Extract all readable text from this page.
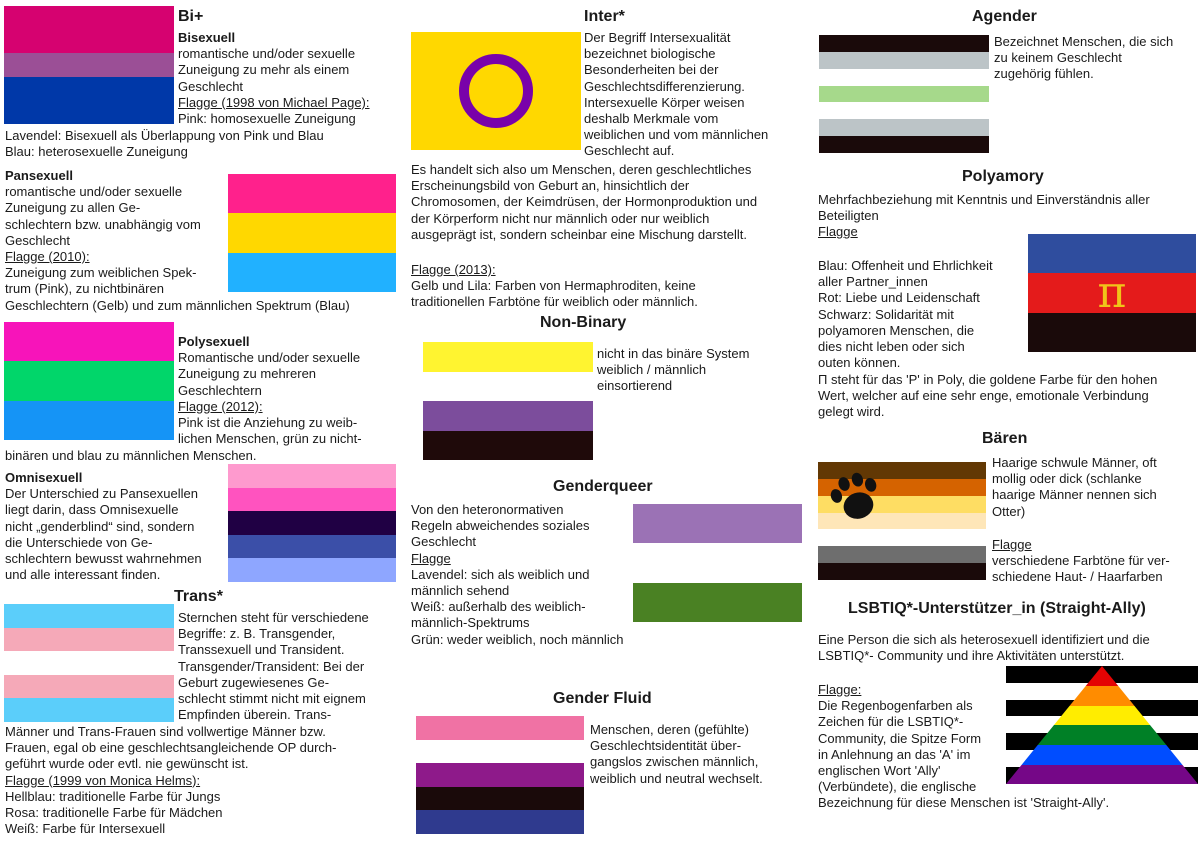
Bi+
Bisexuell
romantische und/oder sexuelle
Zuneigung zu mehr als einem
Geschlecht
Flagge (1998 von Michael Page):
Pink: homosexuelle Zuneigung
Lavendel: Bisexuell als Überlappung von Pink und Blau
Blau: heterosexuelle Zuneigung
Pansexuell
romantische und/oder sexuelle
Zuneigung zu allen Ge-
schlechtern bzw. unabhängig vom
Geschlecht
Flagge (2010):
Zuneigung zum weiblichen Spek-
trum (Pink), zu nichtbinären
Geschlechtern (Gelb) und zum männlichen Spektrum (Blau)
Polysexuell
Romantische und/oder sexuelle
Zuneigung zu mehreren
Geschlechtern
Flagge (2012):
Pink ist die Anziehung zu weib-
lichen Menschen, grün zu nicht-
binären und blau zu männlichen Menschen.
Omnisexuell
Der Unterschied zu Pansexuellen
liegt darin, dass Omnisexuelle
nicht „genderblind“ sind, sondern
die Unterschiede von Ge-
schlechtern bewusst wahrnehmen
und alle interessant finden.
Trans*
Sternchen steht für verschiedene
Begriffe: z. B. Transgender,
Transsexuell und Transident.
Transgender/Transident: Bei der
Geburt zugewiesenes Ge-
schlecht stimmt nicht mit eignem
Empfinden überein. Trans-
Männer und Trans-Frauen sind vollwertige Männer bzw.
Frauen, egal ob eine geschlechtsangleichende OP durch-
geführt wurde oder evtl. nie gewünscht ist.
Flagge (1999 von Monica Helms):
Hellblau: traditionelle Farbe für Jungs
Rosa: traditionelle Farbe für Mädchen
Weiß: Farbe für Intersexuell
Inter*
Der Begriff Intersexualität
bezeichnet biologische
Besonderheiten bei der
Geschlechtsdifferenzierung.
Intersexuelle Körper weisen
deshalb Merkmale vom
weiblichen und vom männlichen
Geschlecht auf.
Es handelt sich also um Menschen, deren geschlechtliches
Erscheinungsbild von Geburt an, hinsichtlich der
Chromosomen, der Keimdrüsen, der Hormonproduktion und
der Körperform nicht nur männlich oder nur weiblich
ausgeprägt ist, sondern scheinbar eine Mischung darstellt.
Flagge (2013):
Gelb und Lila: Farben von Hermaphroditen, keine
traditionellen Farbtöne für weiblich oder männlich.
Non-Binary
nicht in das binäre System
weiblich / männlich
einsortierend
Genderqueer
Von den heteronormativen
Regeln abweichendes soziales
Geschlecht
Flagge
Lavendel: sich als weiblich und
männlich sehend
Weiß: außerhalb des weiblich-
männlich-Spektrums
Grün: weder weiblich, noch männlich
Gender Fluid
Menschen, deren (gefühlte)
Geschlechtsidentität über-
gangslos zwischen männlich,
weiblich und neutral wechselt.
Agender
Bezeichnet Menschen, die sich
zu keinem Geschlecht
zugehörig fühlen.
Polyamory
Mehrfachbeziehung mit Kenntnis und Einverständnis aller
Beteiligten
Flagge
π
Blau: Offenheit und Ehrlichkeit
aller Partner_innen
Rot: Liebe und Leidenschaft
Schwarz: Solidarität mit
polyamoren Menschen, die
dies nicht leben oder sich
outen können.
Π steht für das 'P' in Poly, die goldene Farbe für den hohen
Wert, welcher auf eine sehr enge, emotionale Verbindung
gelegt wird.
Bären
Haarige schwule Männer, oft
mollig oder dick (schlanke
haarige Männer nennen sich
Otter)
Flagge
verschiedene Farbtöne für ver-
schiedene Haut- / Haarfarben
LSBTIQ*-Unterstützer_in (Straight-Ally)
Eine Person die sich als heterosexuell identifiziert und die
LSBTIQ*- Community und ihre Aktivitäten unterstützt.
Flagge:
Die Regenbogenfarben als
Zeichen für die LSBTIQ*-
Community, die Spitze Form
in Anlehnung an das 'A' im
englischen Wort 'Ally'
(Verbündete), die englische
Bezeichnung für diese Menschen ist 'Straight-Ally'.
